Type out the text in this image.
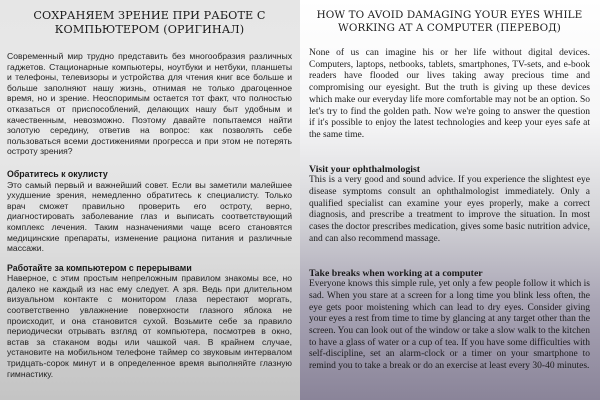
СОХРАНЯЕМ ЗРЕНИЕ ПРИ РАБОТЕ С КОМПЬЮТЕРОМ (ОРИГИНАЛ)

Современный мир трудно представить без многообразия различных гаджетов. Стационарные компьютеры, ноутбуки и нетбуки, планшеты и телефоны, телевизоры и устройства для чтения книг все больше и больше заполняют нашу жизнь, отнимая не только драгоценное время, но и зрение. Неоспоримым остается тот факт, что полностью отказаться от приспособлений, делающих нашу быт удобным и качественным, невозможно. Поэтому давайте попытаемся найти золотую середину, ответив на вопрос: как позволять себе пользоваться всеми достижениями прогресса и при этом не потерять остроту зрения?

Обратитесь к окулисту

Это самый первый и важнейший совет. Если вы заметили малейшее ухудшение зрения, немедленно обратитесь к специалисту. Только врач сможет правильно проверить его остроту, верно, диагностировать заболевание глаз и выписать соответствующий комплекс лечения. Таким назначениями чаще всего становятся медицинские препараты, изменение рациона питания и различные массажи.

Работайте за компьютером с перерывами

Наверное, с этим простым непреложным правилом знакомы все, но далеко не каждый из нас ему следует. А зря. Ведь при длительном визуальном контакте с монитором глаза перестают моргать, соответственно увлажнение поверхности глазного яблока не происходит, и она становится сухой. Возьмите себе за правило периодически отрывать взгляд от компьютера, посмотрев в окно, встав за стаканом воды или чашкой чая. В крайнем случае, установите на мобильном телефоне таймер со звуковым интервалом тридцать-сорок минут и в определенное время выполняйте глазную гимнастику.

HOW TO AVOID DAMAGING YOUR EYES WHILE WORKING AT A COMPUTER (ПЕРЕВОД)

None of us can imagine his or her life without digital devices. Computers, laptops, netbooks, tablets, smartphones, TV-sets, and e-book readers have flooded our lives taking away precious time and compromising our eyesight. But the truth is giving up these devices which make our everyday life more comfortable may not be an option. So let's try to find the golden path. Now we're going to answer the question if it's possible to enjoy the latest technologies and keep your eyes safe at the same time.

Visit your ophthalmologist

This is a very good and sound advice. If you experience the slightest eye disease symptoms consult an ophthalmologist immediately. Only a qualified specialist can examine your eyes properly, make a correct diagnosis, and prescribe a treatment to improve the situation. In most cases the doctor prescribes medication, gives some basic nutrition advice, and can also recommend massage.

Take breaks when working at a computer

Everyone knows this simple rule, yet only a few people follow it which is sad. When you stare at a screen for a long time you blink less often, the eye gets poor moistening which can lead to dry eyes. Consider giving your eyes a rest from time to time by glancing at any target other than the screen. You can look out of the window or take a slow walk to the kitchen to have a glass of water or a cup of tea. If you have some difficulties with self-discipline, set an alarm-clock or a timer on your smartphone to remind you to take a break or do an exercise at least every 30-40 minutes.
